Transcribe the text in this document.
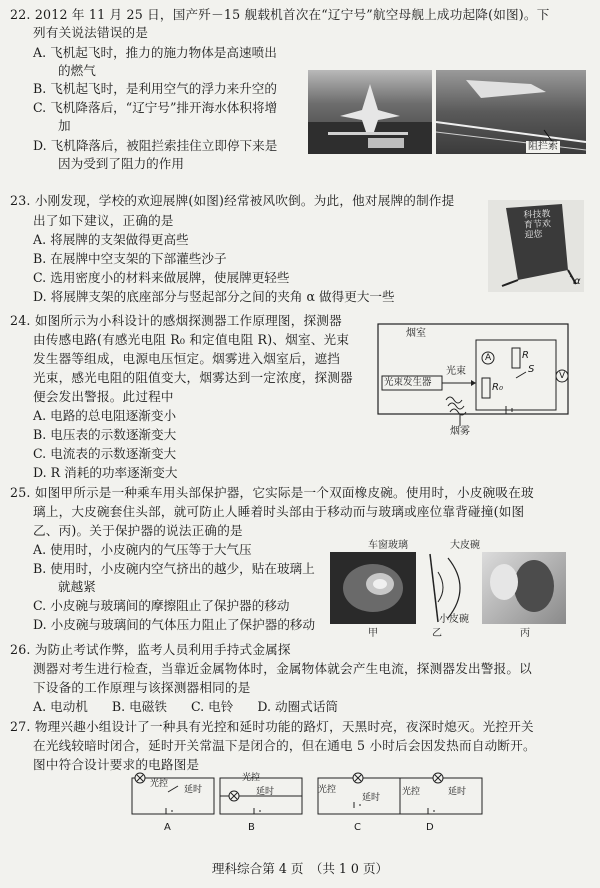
22. 2012 年 11 月 25 日，国产歼－15 舰载机首次在“辽宁号”航空母舰上成功起降(如图)。下
列有关说法错误的是
A. 飞机起飞时，推力的施力物体是高速喷出
的燃气
B. 飞机起飞时，是利用空气的浮力来升空的
C. 飞机降落后，“辽宁号”排开海水体积将增
加
D. 飞机降落后，被阻拦索挂住立即停下来是
因为受到了阻力的作用
阻拦索
23. 小刚发现，学校的欢迎展牌(如图)经常被风吹倒。为此，他对展牌的制作提
出了如下建议，正确的是
A. 将展牌的支架做得更高些
B. 在展牌中空支架的下部灌些沙子
C. 选用密度小的材料来做展牌，使展牌更轻些
D. 将展牌支架的底座部分与竖起部分之间的夹角 α 做得更大一些
科技教育节欢迎您
α
24. 如图所示为小科设计的感烟探测器工作原理图，探测器
由传感电路(有感光电阻 R₀ 和定值电阻 R)、烟室、光束
发生器等组成，电源电压恒定。烟雾进入烟室后，遮挡
光束，感光电阻的阻值变大，烟雾达到一定浓度，探测器
便会发出警报。此过程中
A. 电路的总电阻逐渐变小
B. 电压表的示数逐渐变大
C. 电流表的示数逐渐变大
D. R 消耗的功率逐渐变大
烟室
光束
光束发生器
烟雾
A
V
R
R₀
S
25. 如图甲所示是一种乘车用头部保护器，它实际是一个双面橡皮碗。使用时，小皮碗吸在玻
璃上，大皮碗套住头部，就可防止人睡着时头部由于移动而与玻璃或座位靠背碰撞(如图
乙、丙)。关于保护器的说法正确的是
A. 使用时，小皮碗内的气压等于大气压
B. 使用时，小皮碗内空气挤出的越少，贴在玻璃上
就越紧
C. 小皮碗与玻璃间的摩擦阻止了保护器的移动
D. 小皮碗与玻璃间的气体压力阻止了保护器的移动
车窗玻璃	大皮碗
小皮碗
甲	乙	丙
26. 为防止考试作弊，监考人员利用手持式金属探
测器对考生进行检查，当靠近金属物体时，金属物体就会产生电流，探测器发出警报。以
下设备的工作原理与该探测器相同的是
A. 电动机      B. 电磁铁      C. 电铃      D. 动圈式话筒
27. 物理兴趣小组设计了一种具有光控和延时功能的路灯，天黑时亮，夜深时熄灭。光控开关
在光线较暗时闭合，延时开关常温下是闭合的，但在通电 5 小时后会因发热而自动断开。
图中符合设计要求的电路图是
光控
延时
A
光控
延时
B
光控
延时
C
光控	延时
D
理科综合第 4 页　（共 1 0 页）
